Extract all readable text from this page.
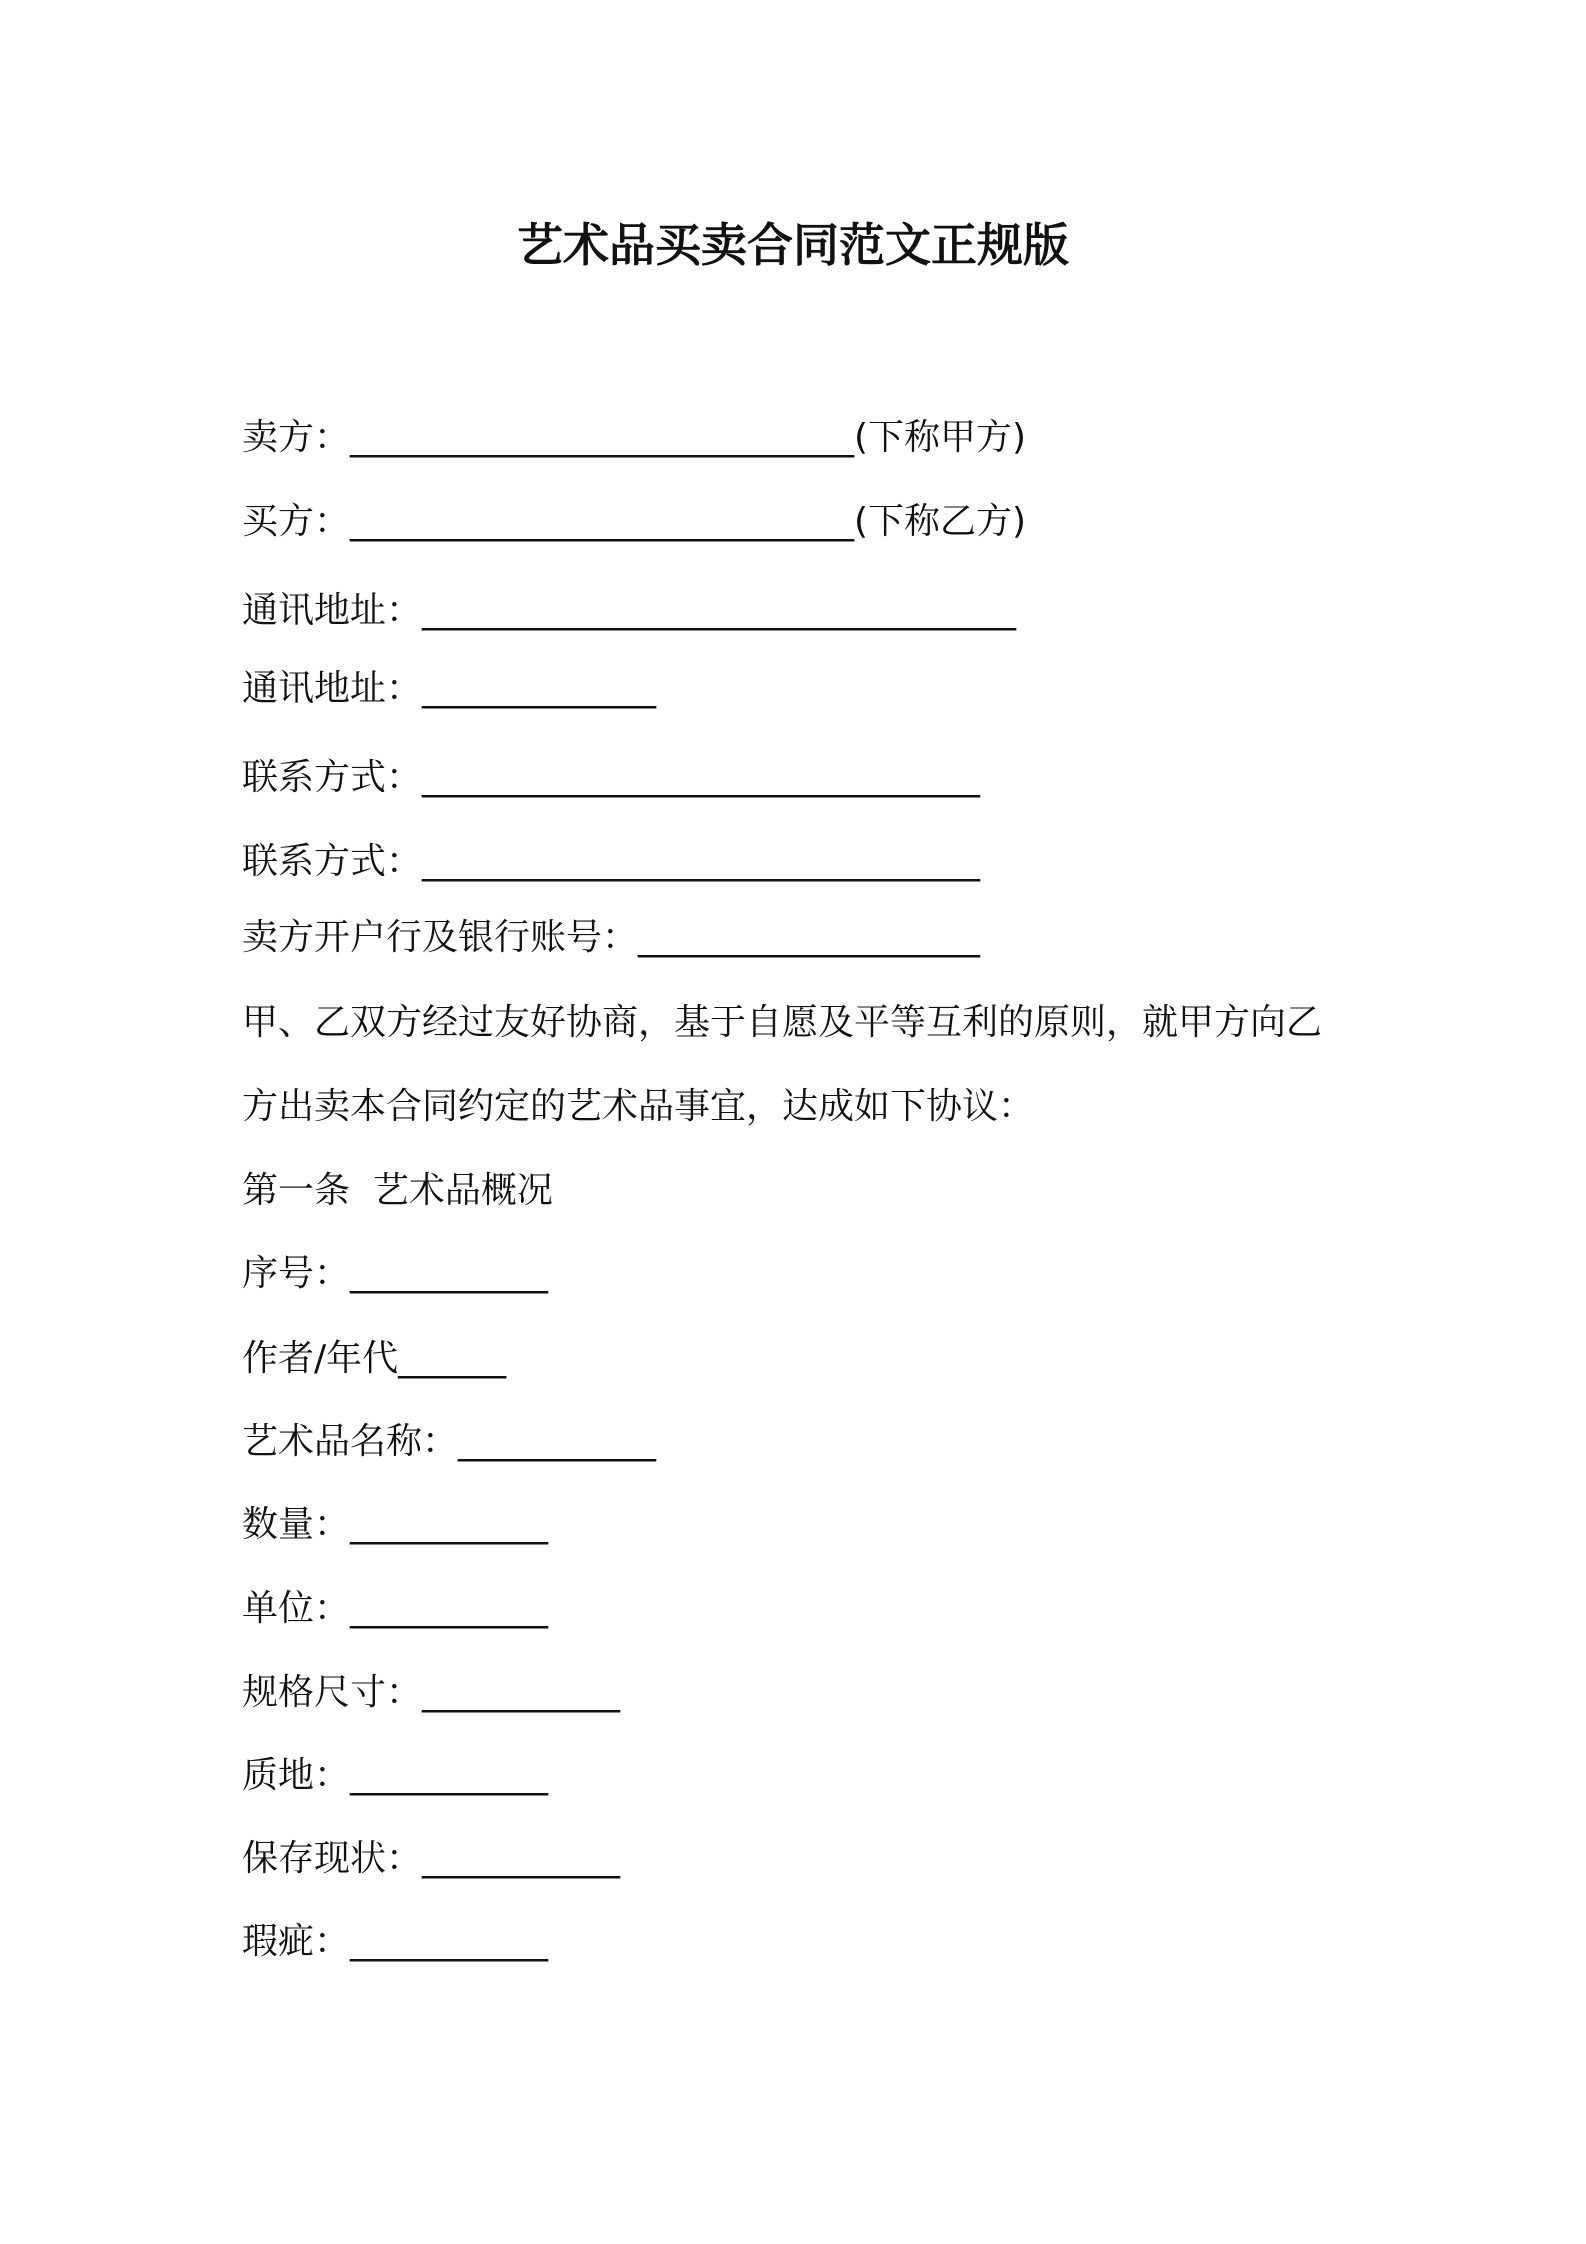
艺术品买卖合同范文正规版
卖方：____________________________(下称甲方)
买方：____________________________(下称乙方)
通讯地址：_________________________________
通讯地址：_____________
联系方式：_______________________________
联系方式：_______________________________
卖方开户行及银行账号：___________________
甲、乙双方经过友好协商，基于自愿及平等互利的原则，就甲方向乙
方出卖本合同约定的艺术品事宜，达成如下协议：
第一条  艺术品概况
序号：___________
作者/年代______
艺术品名称：___________
数量：___________
单位：___________
规格尺寸：___________
质地：___________
保存现状：___________
瑕疵：___________
